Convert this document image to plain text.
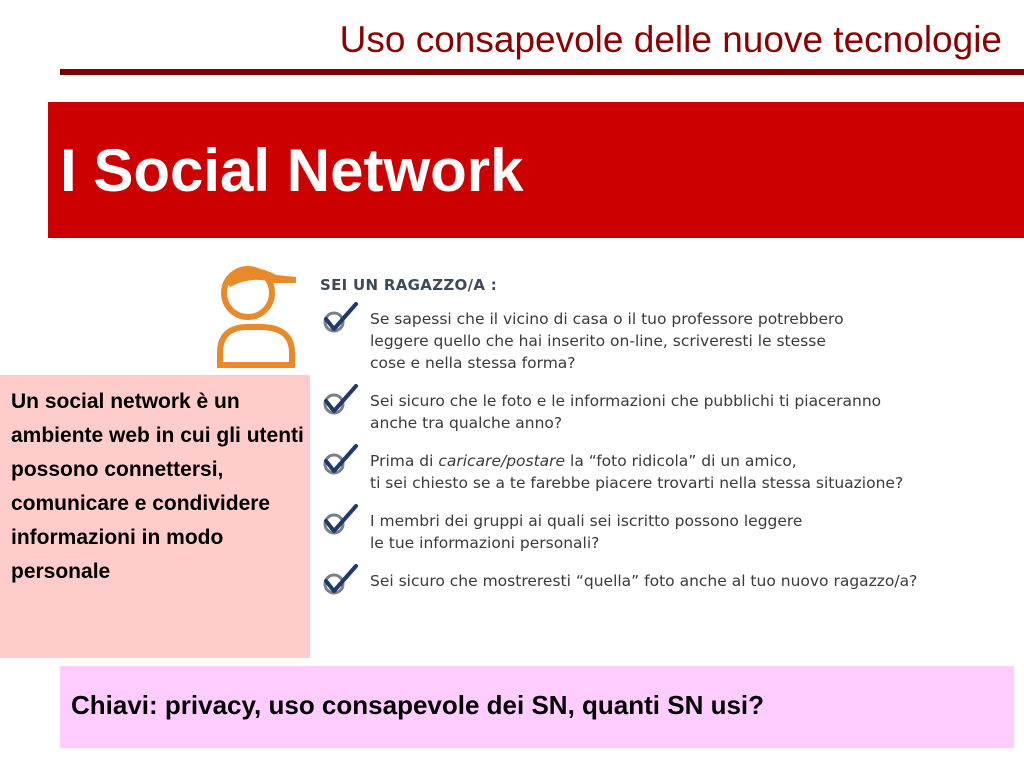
Uso consapevole delle nuove tecnologie
I Social Network
SEI UN RAGAZZO/A :
Se sapessi che il vicino di casa o il tuo professore potrebbero
leggere quello che hai inserito on-line, scriveresti le stesse
cose e nella stessa forma?
Sei sicuro che le foto e le informazioni che pubblichi ti piaceranno
anche tra qualche anno?
Prima di caricare/postare la “foto ridicola” di un amico,
ti sei chiesto se a te farebbe piacere trovarti nella stessa situazione?
I membri dei gruppi ai quali sei iscritto possono leggere
le tue informazioni personali?
Sei sicuro che mostreresti “quella” foto anche al tuo nuovo ragazzo/a?

Un social network è un ambiente web in cui gli utenti possono connettersi, comunicare e condividere informazioni in modo personale

Chiavi: privacy, uso consapevole dei SN, quanti SN usi?
